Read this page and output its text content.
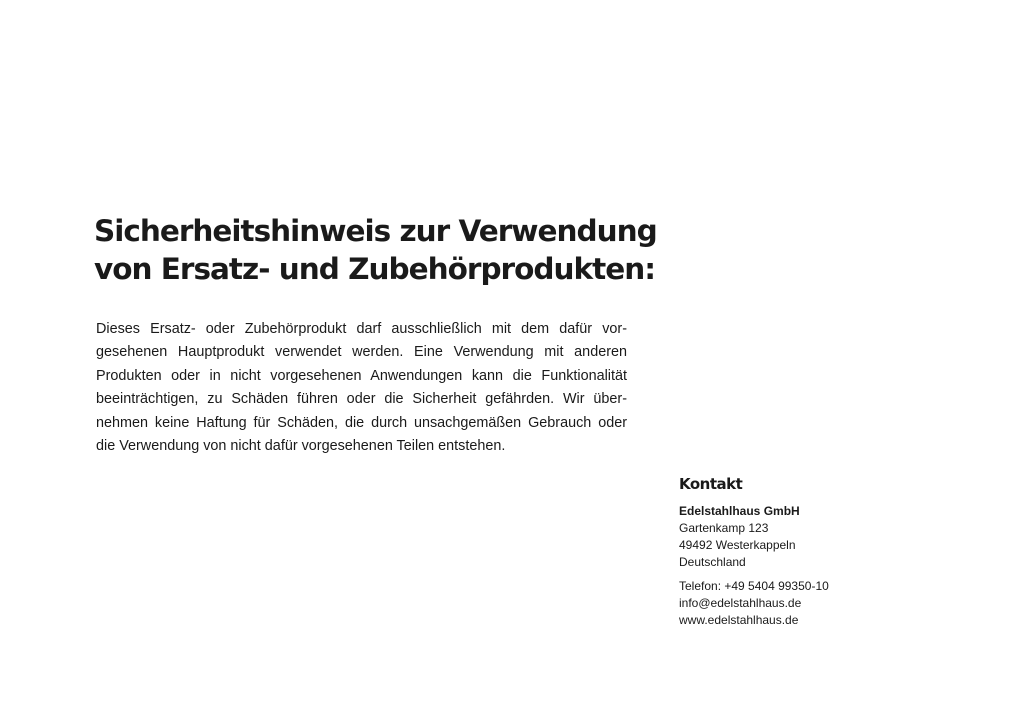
Sicherheitshinweis zur Verwendung
von Ersatz- und Zubehörprodukten:
Dieses Ersatz- oder Zubehörprodukt darf ausschließlich mit dem dafür vor-
gesehenen Hauptprodukt verwendet werden. Eine Verwendung mit anderen
Produkten oder in nicht vorgesehenen Anwendungen kann die Funktionalität
beeinträchtigen, zu Schäden führen oder die Sicherheit gefährden. Wir über-
nehmen keine Haftung für Schäden, die durch unsachgemäßen Gebrauch oder
die Verwendung von nicht dafür vorgesehenen Teilen entstehen.
Kontakt
Edelstahlhaus GmbH
Gartenkamp 123
49492 Westerkappeln
Deutschland
Telefon: +49 5404 99350-10
info@edelstahlhaus.de
www.edelstahlhaus.de
